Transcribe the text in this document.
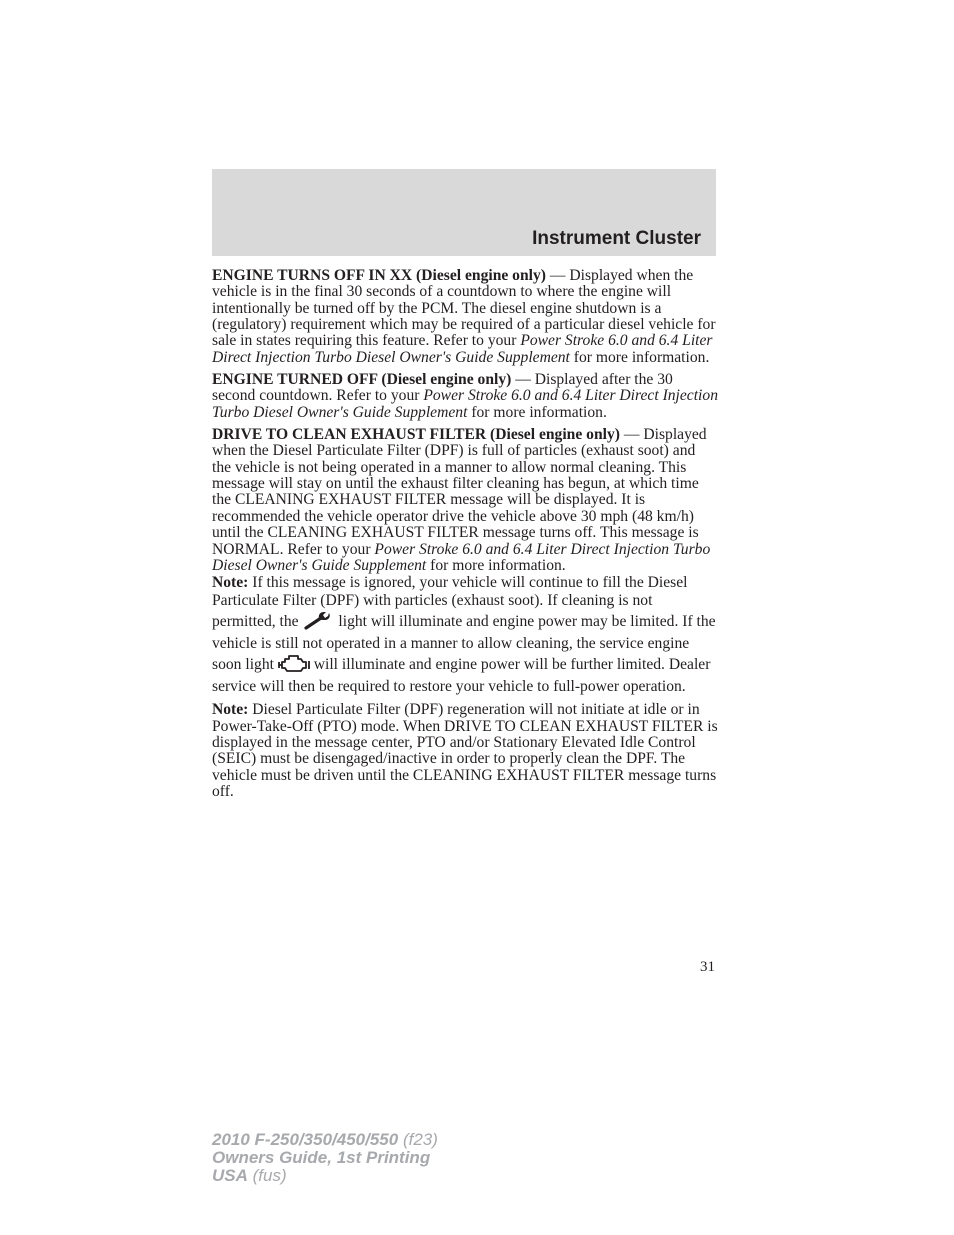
Instrument Cluster

ENGINE TURNS OFF IN XX (Diesel engine only) — Displayed when the vehicle is in the final 30 seconds of a countdown to where the engine will intentionally be turned off by the PCM. The diesel engine shutdown is a (regulatory) requirement which may be required of a particular diesel vehicle for sale in states requiring this feature. Refer to your Power Stroke 6.0 and 6.4 Liter Direct Injection Turbo Diesel Owner's Guide Supplement for more information.

ENGINE TURNED OFF (Diesel engine only) — Displayed after the 30 second countdown. Refer to your Power Stroke 6.0 and 6.4 Liter Direct Injection Turbo Diesel Owner's Guide Supplement for more information.

DRIVE TO CLEAN EXHAUST FILTER (Diesel engine only) — Displayed when the Diesel Particulate Filter (DPF) is full of particles (exhaust soot) and the vehicle is not being operated in a manner to allow normal cleaning. This message will stay on until the exhaust filter cleaning has begun, at which time the CLEANING EXHAUST FILTER message will be displayed. It is recommended the vehicle operator drive the vehicle above 30 mph (48 km/h) until the CLEANING EXHAUST FILTER message turns off. This message is NORMAL. Refer to your Power Stroke 6.0 and 6.4 Liter Direct Injection Turbo Diesel Owner's Guide Supplement for more information.

Note: If this message is ignored, your vehicle will continue to fill the Diesel Particulate Filter (DPF) with particles (exhaust soot). If cleaning is not permitted, the  light will illuminate and engine power may be limited. If the vehicle is still not operated in a manner to allow cleaning, the service engine soon light  will illuminate and engine power will be further limited. Dealer service will then be required to restore your vehicle to full-power operation.

Note: Diesel Particulate Filter (DPF) regeneration will not initiate at idle or in Power-Take-Off (PTO) mode. When DRIVE TO CLEAN EXHAUST FILTER is displayed in the message center, PTO and/or Stationary Elevated Idle Control (SEIC) must be disengaged/inactive in order to properly clean the DPF. The vehicle must be driven until the CLEANING EXHAUST FILTER message turns off.

31
2010 F-250/350/450/550 (f23)
Owners Guide, 1st Printing
USA (fus)
